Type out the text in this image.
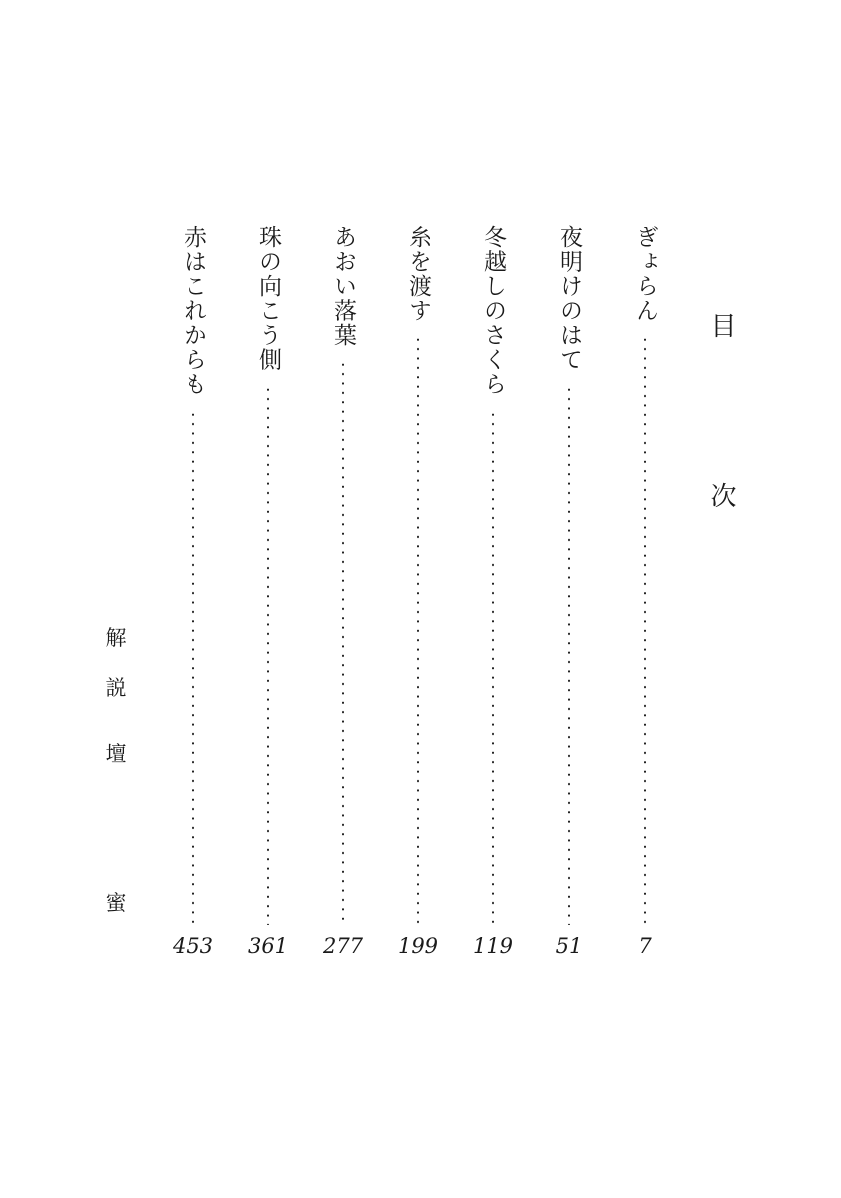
目
次
ぎょらん
7
夜明けのはて
51
冬越しのさくら
119
糸を渡す
199
あおい落葉
277
珠の向こう側
361
赤はこれからも
453
解
説
壇
蜜
